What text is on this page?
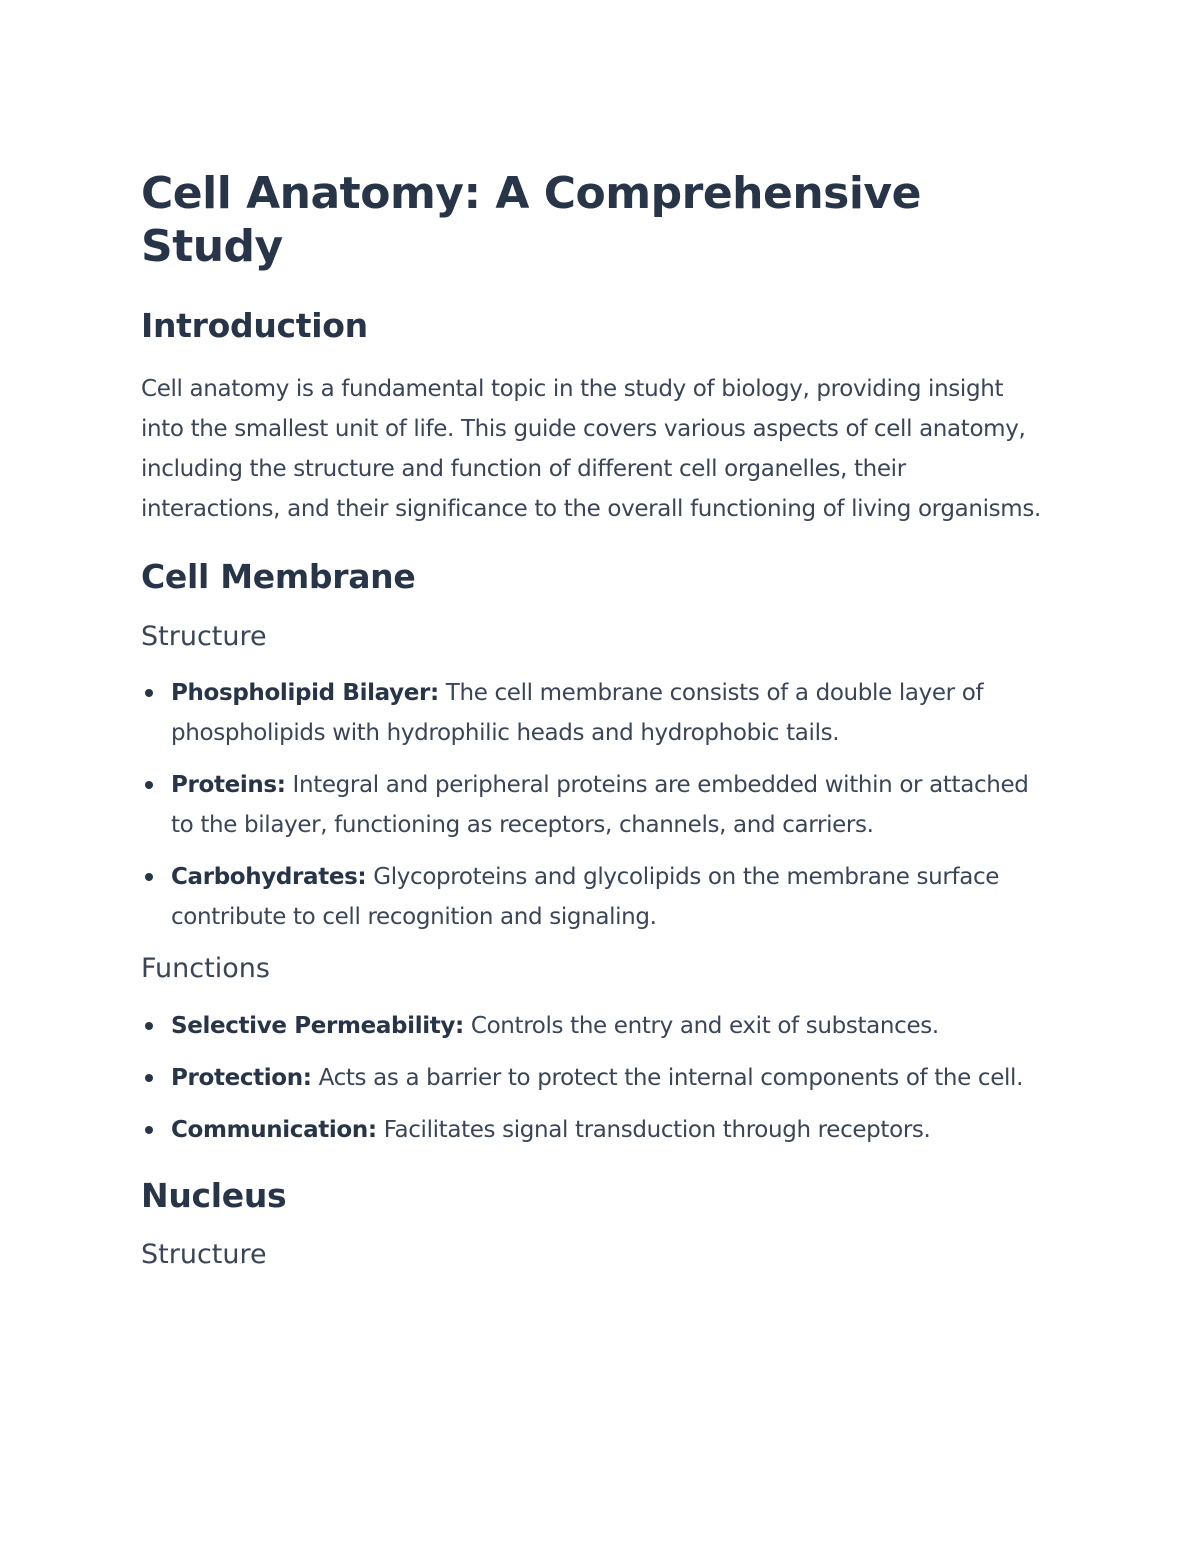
Cell Anatomy: A Comprehensive Study
Introduction

Cell anatomy is a fundamental topic in the study of biology, providing insight into the smallest unit of life. This guide covers various aspects of cell anatomy, including the structure and function of different cell organelles, their interactions, and their significance to the overall functioning of living organisms.

Cell Membrane
Structure
Phospholipid Bilayer: The cell membrane consists of a double layer of phospholipids with hydrophilic heads and hydrophobic tails.
Proteins: Integral and peripheral proteins are embedded within or attached to the bilayer, functioning as receptors, channels, and carriers.
Carbohydrates: Glycoproteins and glycolipids on the membrane surface contribute to cell recognition and signaling.
Functions
Selective Permeability: Controls the entry and exit of substances.
Protection: Acts as a barrier to protect the internal components of the cell.
Communication: Facilitates signal transduction through receptors.
Nucleus
Structure
